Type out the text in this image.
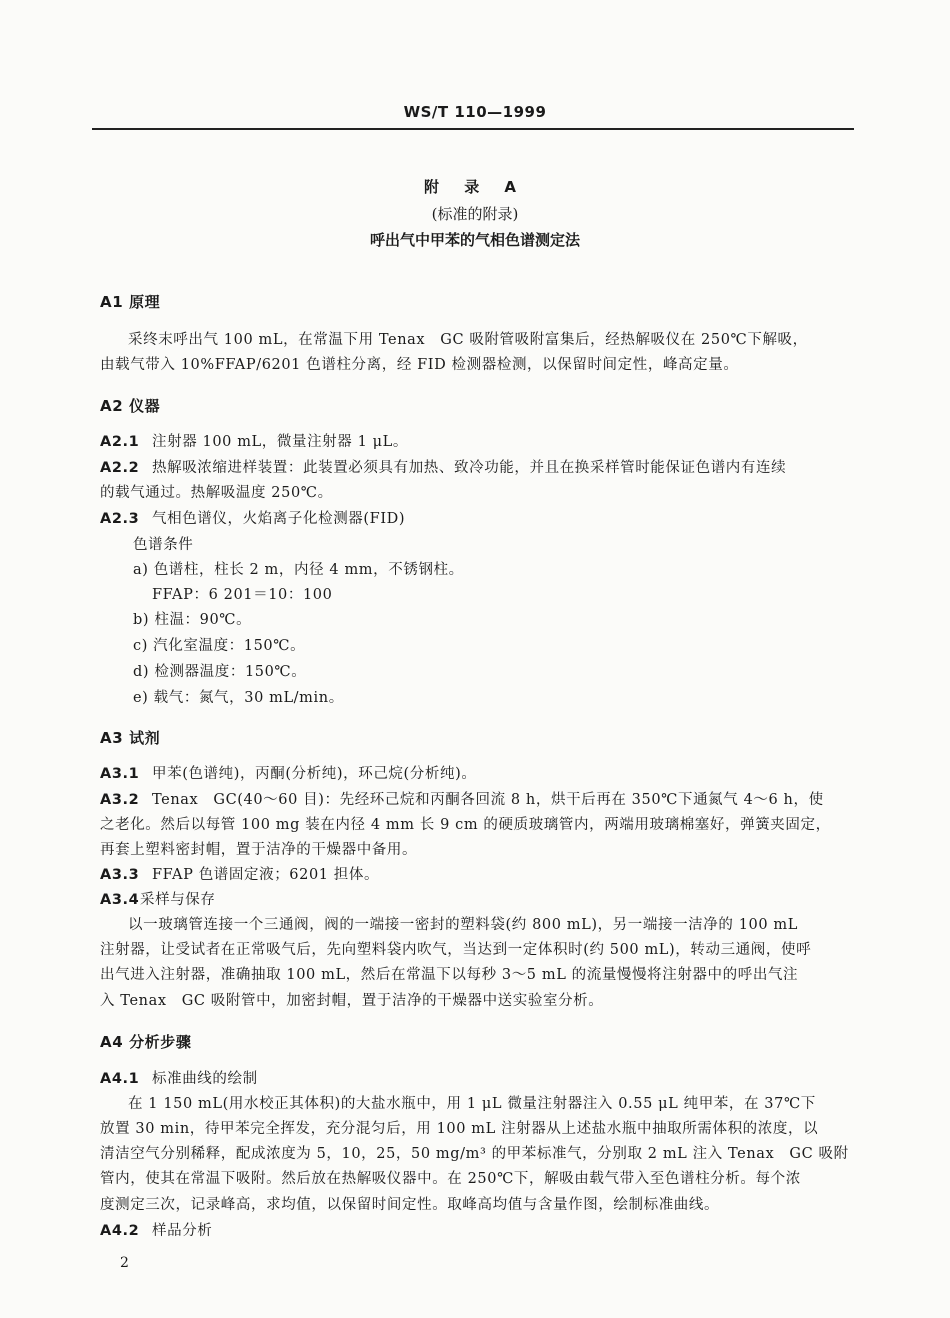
WS/T 110—1999
附 录 A
(标准的附录)
呼出气中甲苯的气相色谱测定法
A1 原理
采终末呼出气 100 mL，在常温下用 Tenax　GC 吸附管吸附富集后，经热解吸仪在 250℃下解吸，
由载气带入 10%FFAP/6201 色谱柱分离，经 FID 检测器检测，以保留时间定性，峰高定量。
A2 仪器
A2.1 注射器 100 mL，微量注射器 1 μL。
A2.2 热解吸浓缩进样装置：此装置必须具有加热、致冷功能，并且在换采样管时能保证色谱内有连续
的载气通过。热解吸温度 250℃。
A2.3 气相色谱仪，火焰离子化检测器(FID)
色谱条件
a) 色谱柱，柱长 2 m，内径 4 mm，不锈钢柱。
FFAP：6 201＝10：100
b) 柱温：90℃。
c) 汽化室温度：150℃。
d) 检测器温度：150℃。
e) 载气：氮气，30 mL/min。
A3 试剂
A3.1 甲苯(色谱纯)，丙酮(分析纯)，环己烷(分析纯)。
A3.2 Tenax　GC(40～60 目)：先经环己烷和丙酮各回流 8 h，烘干后再在 350℃下通氮气 4～6 h，使
之老化。然后以每管 100 mg 装在内径 4 mm 长 9 cm 的硬质玻璃管内，两端用玻璃棉塞好，弹簧夹固定，
再套上塑料密封帽，置于洁净的干燥器中备用。
A3.3 FFAP 色谱固定液；6201 担体。
A3.4采样与保存
以一玻璃管连接一个三通阀，阀的一端接一密封的塑料袋(约 800 mL)，另一端接一洁净的 100 mL
注射器，让受试者在正常吸气后，先向塑料袋内吹气，当达到一定体积时(约 500 mL)，转动三通阀，使呼
出气进入注射器，准确抽取 100 mL，然后在常温下以每秒 3～5 mL 的流量慢慢将注射器中的呼出气注
入 Tenax　GC 吸附管中，加密封帽，置于洁净的干燥器中送实验室分析。
A4 分析步骤
A4.1 标准曲线的绘制
在 1 150 mL(用水校正其体积)的大盐水瓶中，用 1 μL 微量注射器注入 0.55 μL 纯甲苯，在 37℃下
放置 30 min，待甲苯完全挥发，充分混匀后，用 100 mL 注射器从上述盐水瓶中抽取所需体积的浓度，以
清洁空气分别稀释，配成浓度为 5，10，25，50 mg/m³ 的甲苯标准气，分别取 2 mL 注入 Tenax　GC 吸附
管内，使其在常温下吸附。然后放在热解吸仪器中。在 250℃下，解吸由载气带入至色谱柱分析。每个浓
度测定三次，记录峰高，求均值，以保留时间定性。取峰高均值与含量作图，绘制标准曲线。
A4.2 样品分析
2
